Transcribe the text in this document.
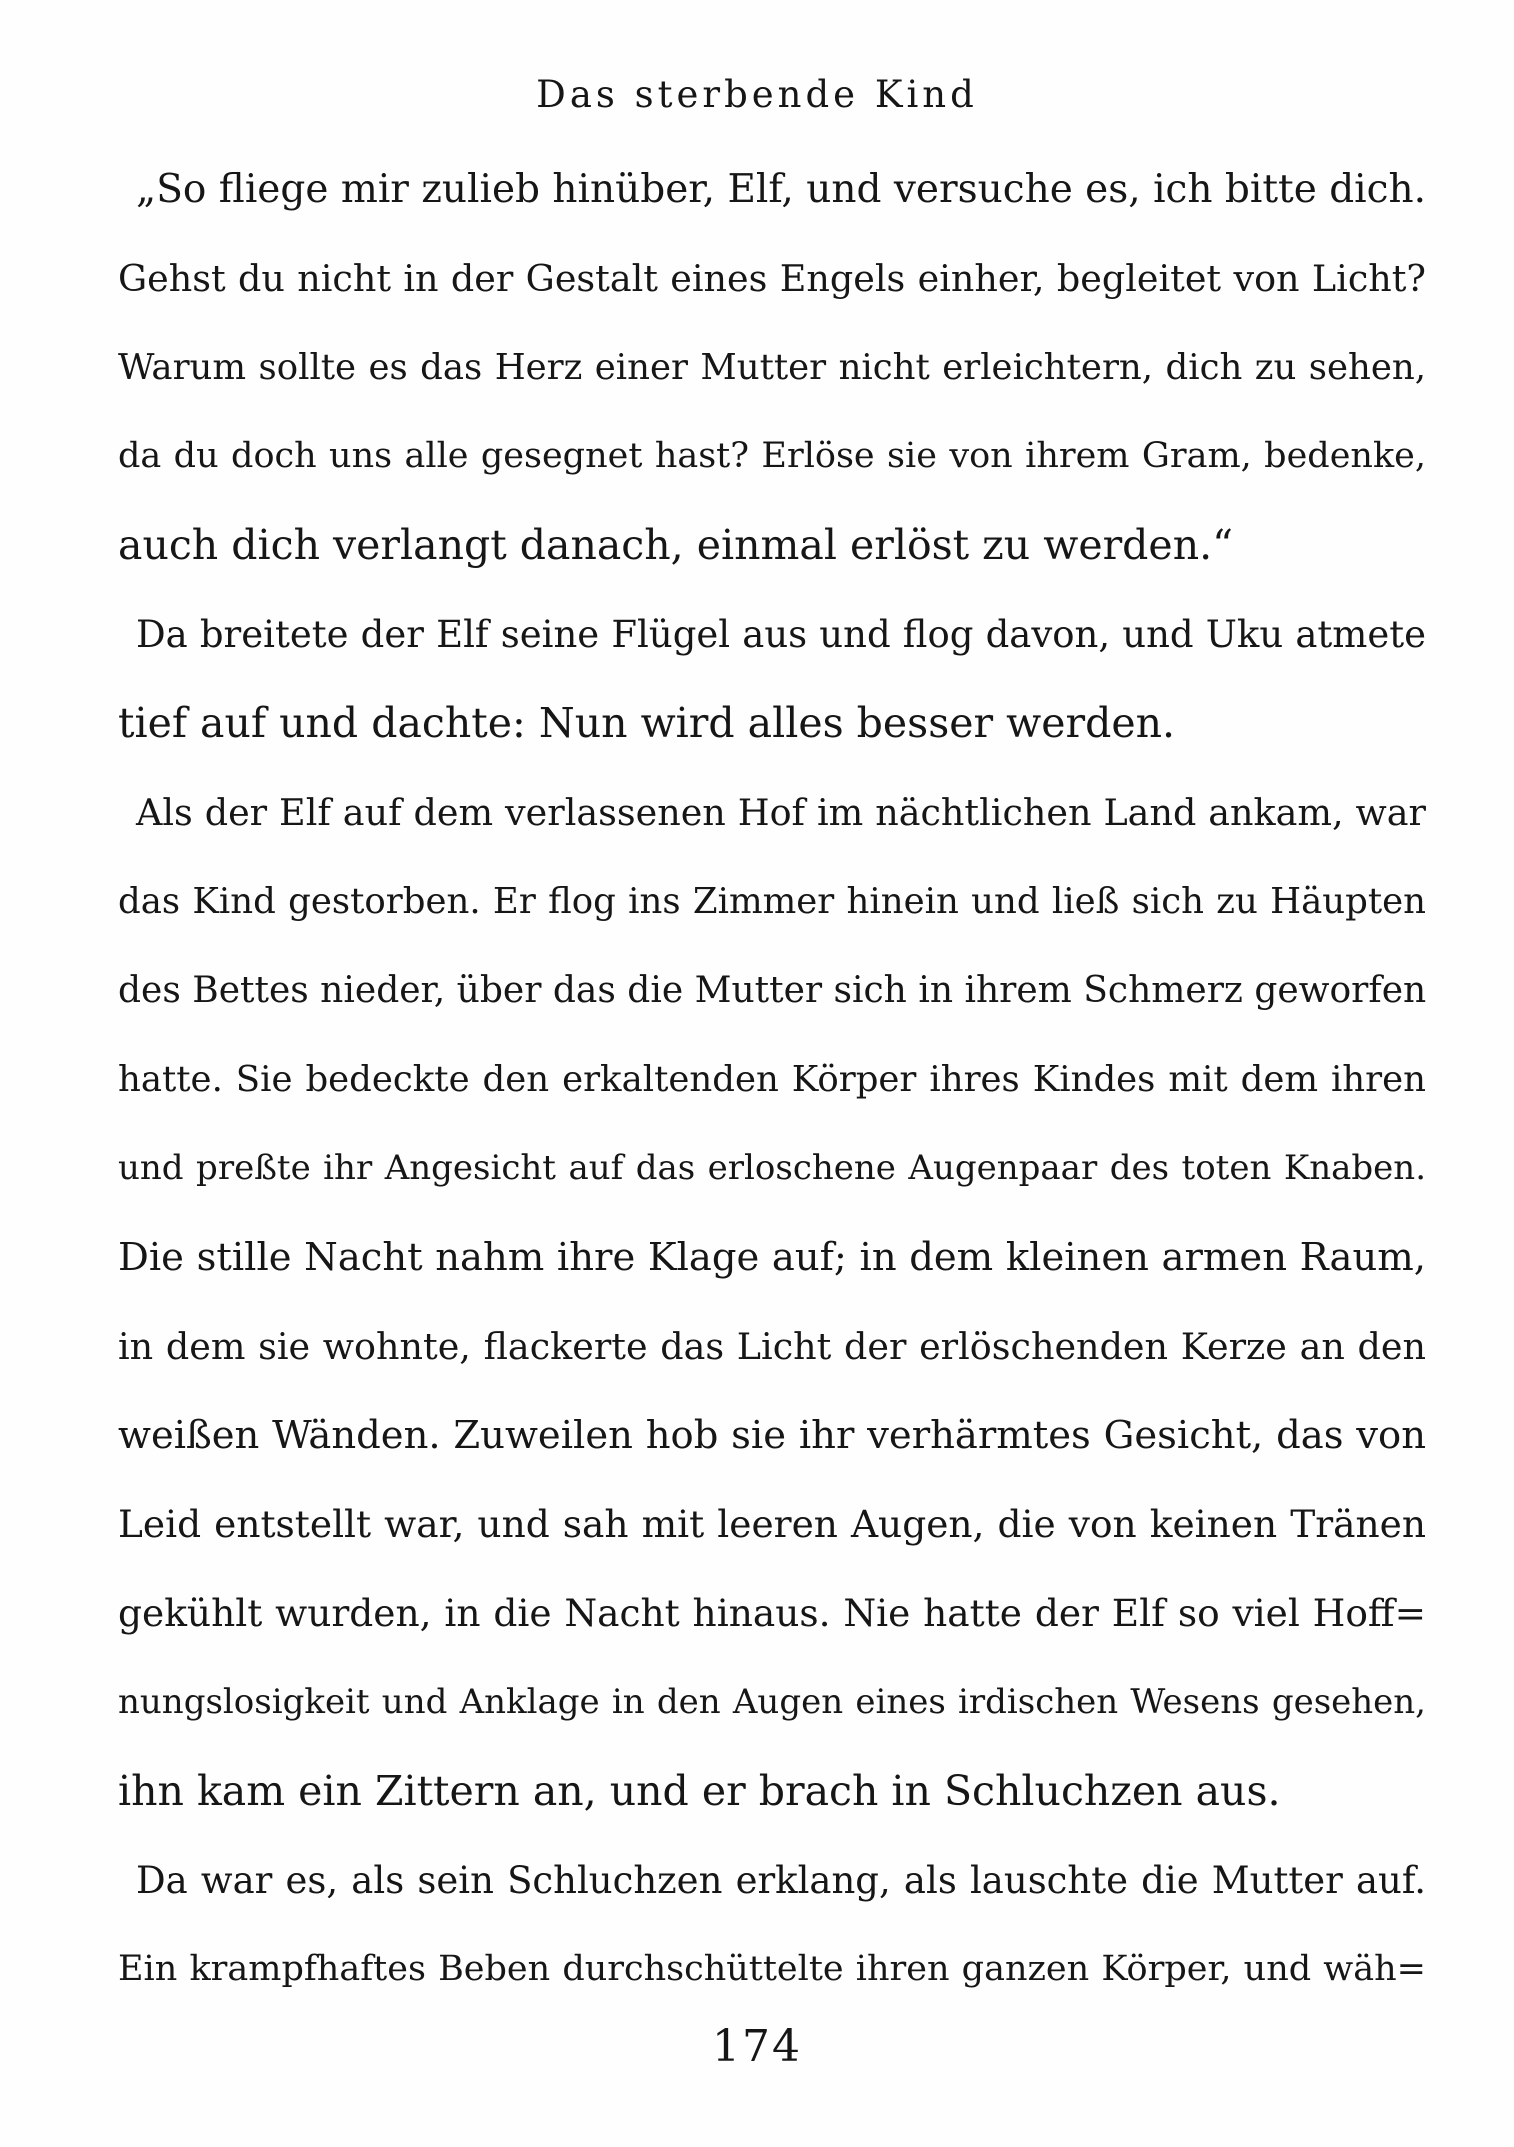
Das sterbende Kind
„So fliege mir zulieb hinüber, Elf, und versuche es, ich bitte dich.
Gehst du nicht in der Gestalt eines Engels einher, begleitet von Licht?
Warum sollte es das Herz einer Mutter nicht erleichtern, dich zu sehen,
da du doch uns alle gesegnet hast? Erlöse sie von ihrem Gram, bedenke,
auch dich verlangt danach, einmal erlöst zu werden.“
Da breitete der Elf seine Flügel aus und flog davon, und Uku atmete
tief auf und dachte: Nun wird alles besser werden.
Als der Elf auf dem verlassenen Hof im nächtlichen Land ankam, war
das Kind gestorben. Er flog ins Zimmer hinein und ließ sich zu Häupten
des Bettes nieder, über das die Mutter sich in ihrem Schmerz geworfen
hatte. Sie bedeckte den erkaltenden Körper ihres Kindes mit dem ihren
und preßte ihr Angesicht auf das erloschene Augenpaar des toten Knaben.
Die stille Nacht nahm ihre Klage auf; in dem kleinen armen Raum,
in dem sie wohnte, flackerte das Licht der erlöschenden Kerze an den
weißen Wänden. Zuweilen hob sie ihr verhärmtes Gesicht, das von
Leid entstellt war, und sah mit leeren Augen, die von keinen Tränen
gekühlt wurden, in die Nacht hinaus. Nie hatte der Elf so viel Hoff=
nungslosigkeit und Anklage in den Augen eines irdischen Wesens gesehen,
ihn kam ein Zittern an, und er brach in Schluchzen aus.
Da war es, als sein Schluchzen erklang, als lauschte die Mutter auf.
Ein krampfhaftes Beben durchschüttelte ihren ganzen Körper, und wäh=
174
